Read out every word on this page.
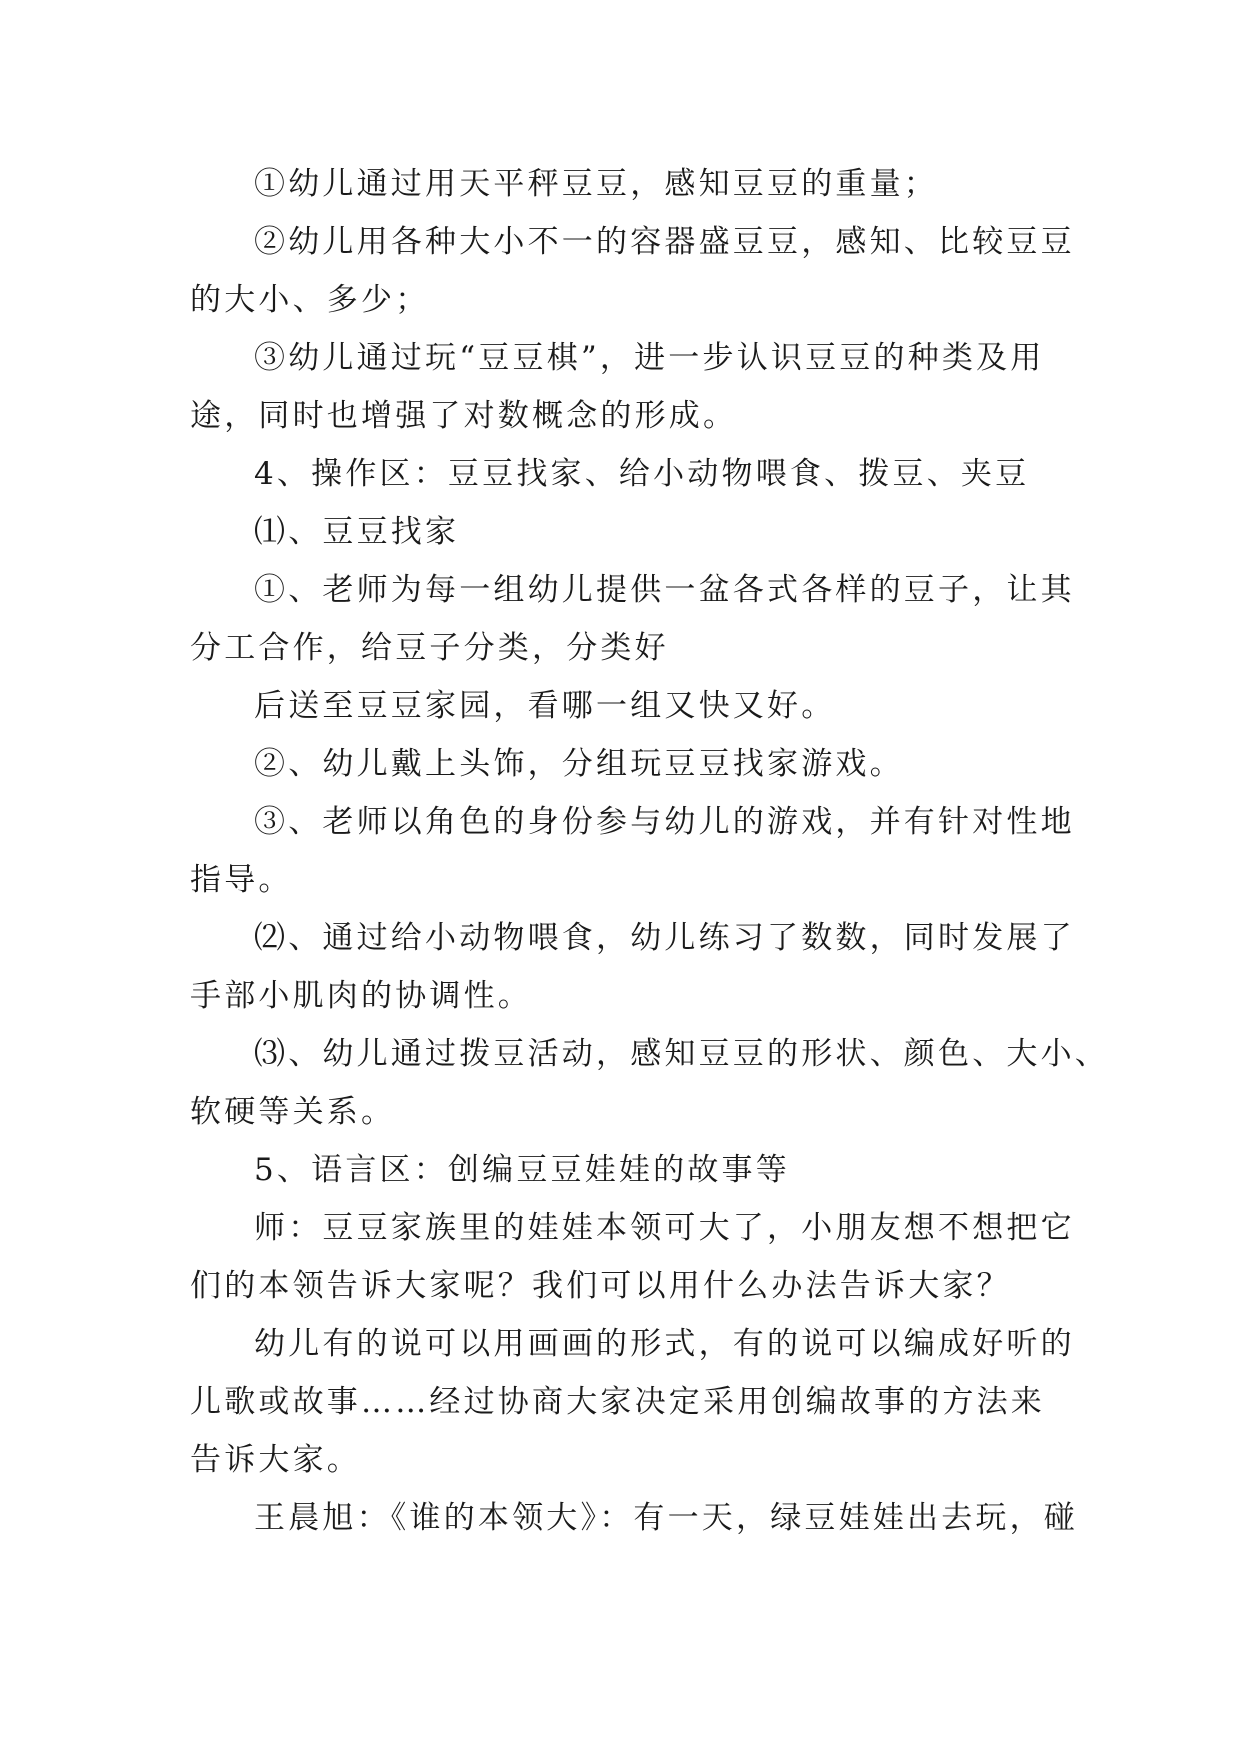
①幼儿通过用天平秤豆豆，感知豆豆的重量；
②幼儿用各种大小不一的容器盛豆豆，感知、比较豆豆
的大小、多少；
③幼儿通过玩“豆豆棋”，进一步认识豆豆的种类及用
途，同时也增强了对数概念的形成。
4、操作区：豆豆找家、给小动物喂食、拨豆、夹豆
⑴、豆豆找家
①、老师为每一组幼儿提供一盆各式各样的豆子，让其
分工合作，给豆子分类，分类好
后送至豆豆家园，看哪一组又快又好。
②、幼儿戴上头饰，分组玩豆豆找家游戏。
③、老师以角色的身份参与幼儿的游戏，并有针对性地
指导。
⑵、通过给小动物喂食，幼儿练习了数数，同时发展了
手部小肌肉的协调性。
⑶、幼儿通过拨豆活动，感知豆豆的形状、颜色、大小、
软硬等关系。
5、语言区：创编豆豆娃娃的故事等
师：豆豆家族里的娃娃本领可大了，小朋友想不想把它
们的本领告诉大家呢？我们可以用什么办法告诉大家？
幼儿有的说可以用画画的形式，有的说可以编成好听的
儿歌或故事……经过协商大家决定采用创编故事的方法来
告诉大家。
王晨旭：《谁的本领大》：有一天，绿豆娃娃出去玩，碰
